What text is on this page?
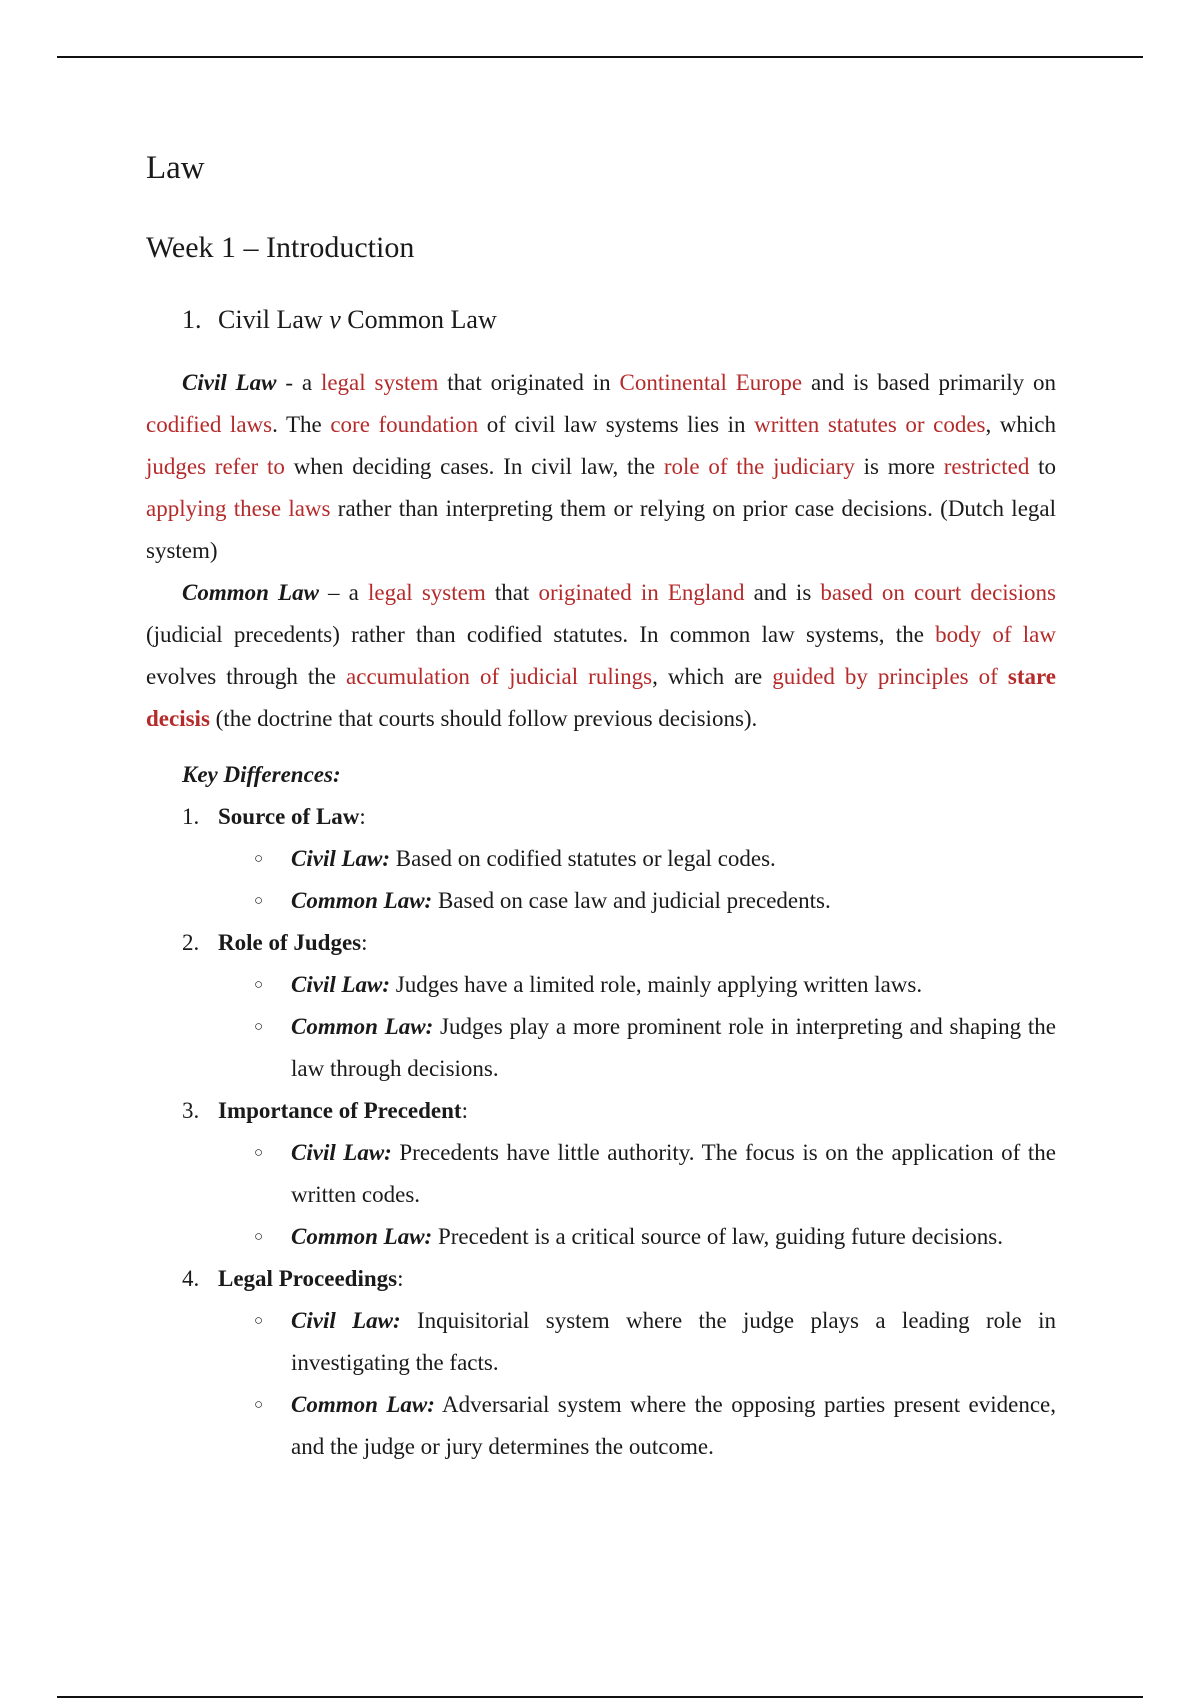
Law
Week 1 – Introduction
1. Civil Law v Common Law

Civil Law - a legal system that originated in Continental Europe and is based primarily on codified laws. The core foundation of civil law systems lies in written statutes or codes, which judges refer to when deciding cases. In civil law, the role of the judiciary is more restricted to applying these laws rather than interpreting them or relying on prior case decisions. (Dutch legal system)

Common Law – a legal system that originated in England and is based on court decisions (judicial precedents) rather than codified statutes. In common law systems, the body of law evolves through the accumulation of judicial rulings, which are guided by principles of stare decisis (the doctrine that courts should follow previous decisions).

Key Differences:
1. Source of Law:
○ Civil Law: Based on codified statutes or legal codes.
○ Common Law: Based on case law and judicial precedents.
2. Role of Judges:
○ Civil Law: Judges have a limited role, mainly applying written laws.
○ Common Law: Judges play a more prominent role in interpreting and shaping the law through decisions.
3. Importance of Precedent:
○ Civil Law: Precedents have little authority. The focus is on the application of the written codes.
○ Common Law: Precedent is a critical source of law, guiding future decisions.
4. Legal Proceedings:
○ Civil Law: Inquisitorial system where the judge plays a leading role in investigating the facts.
○ Common Law: Adversarial system where the opposing parties present evidence, and the judge or jury determines the outcome.
